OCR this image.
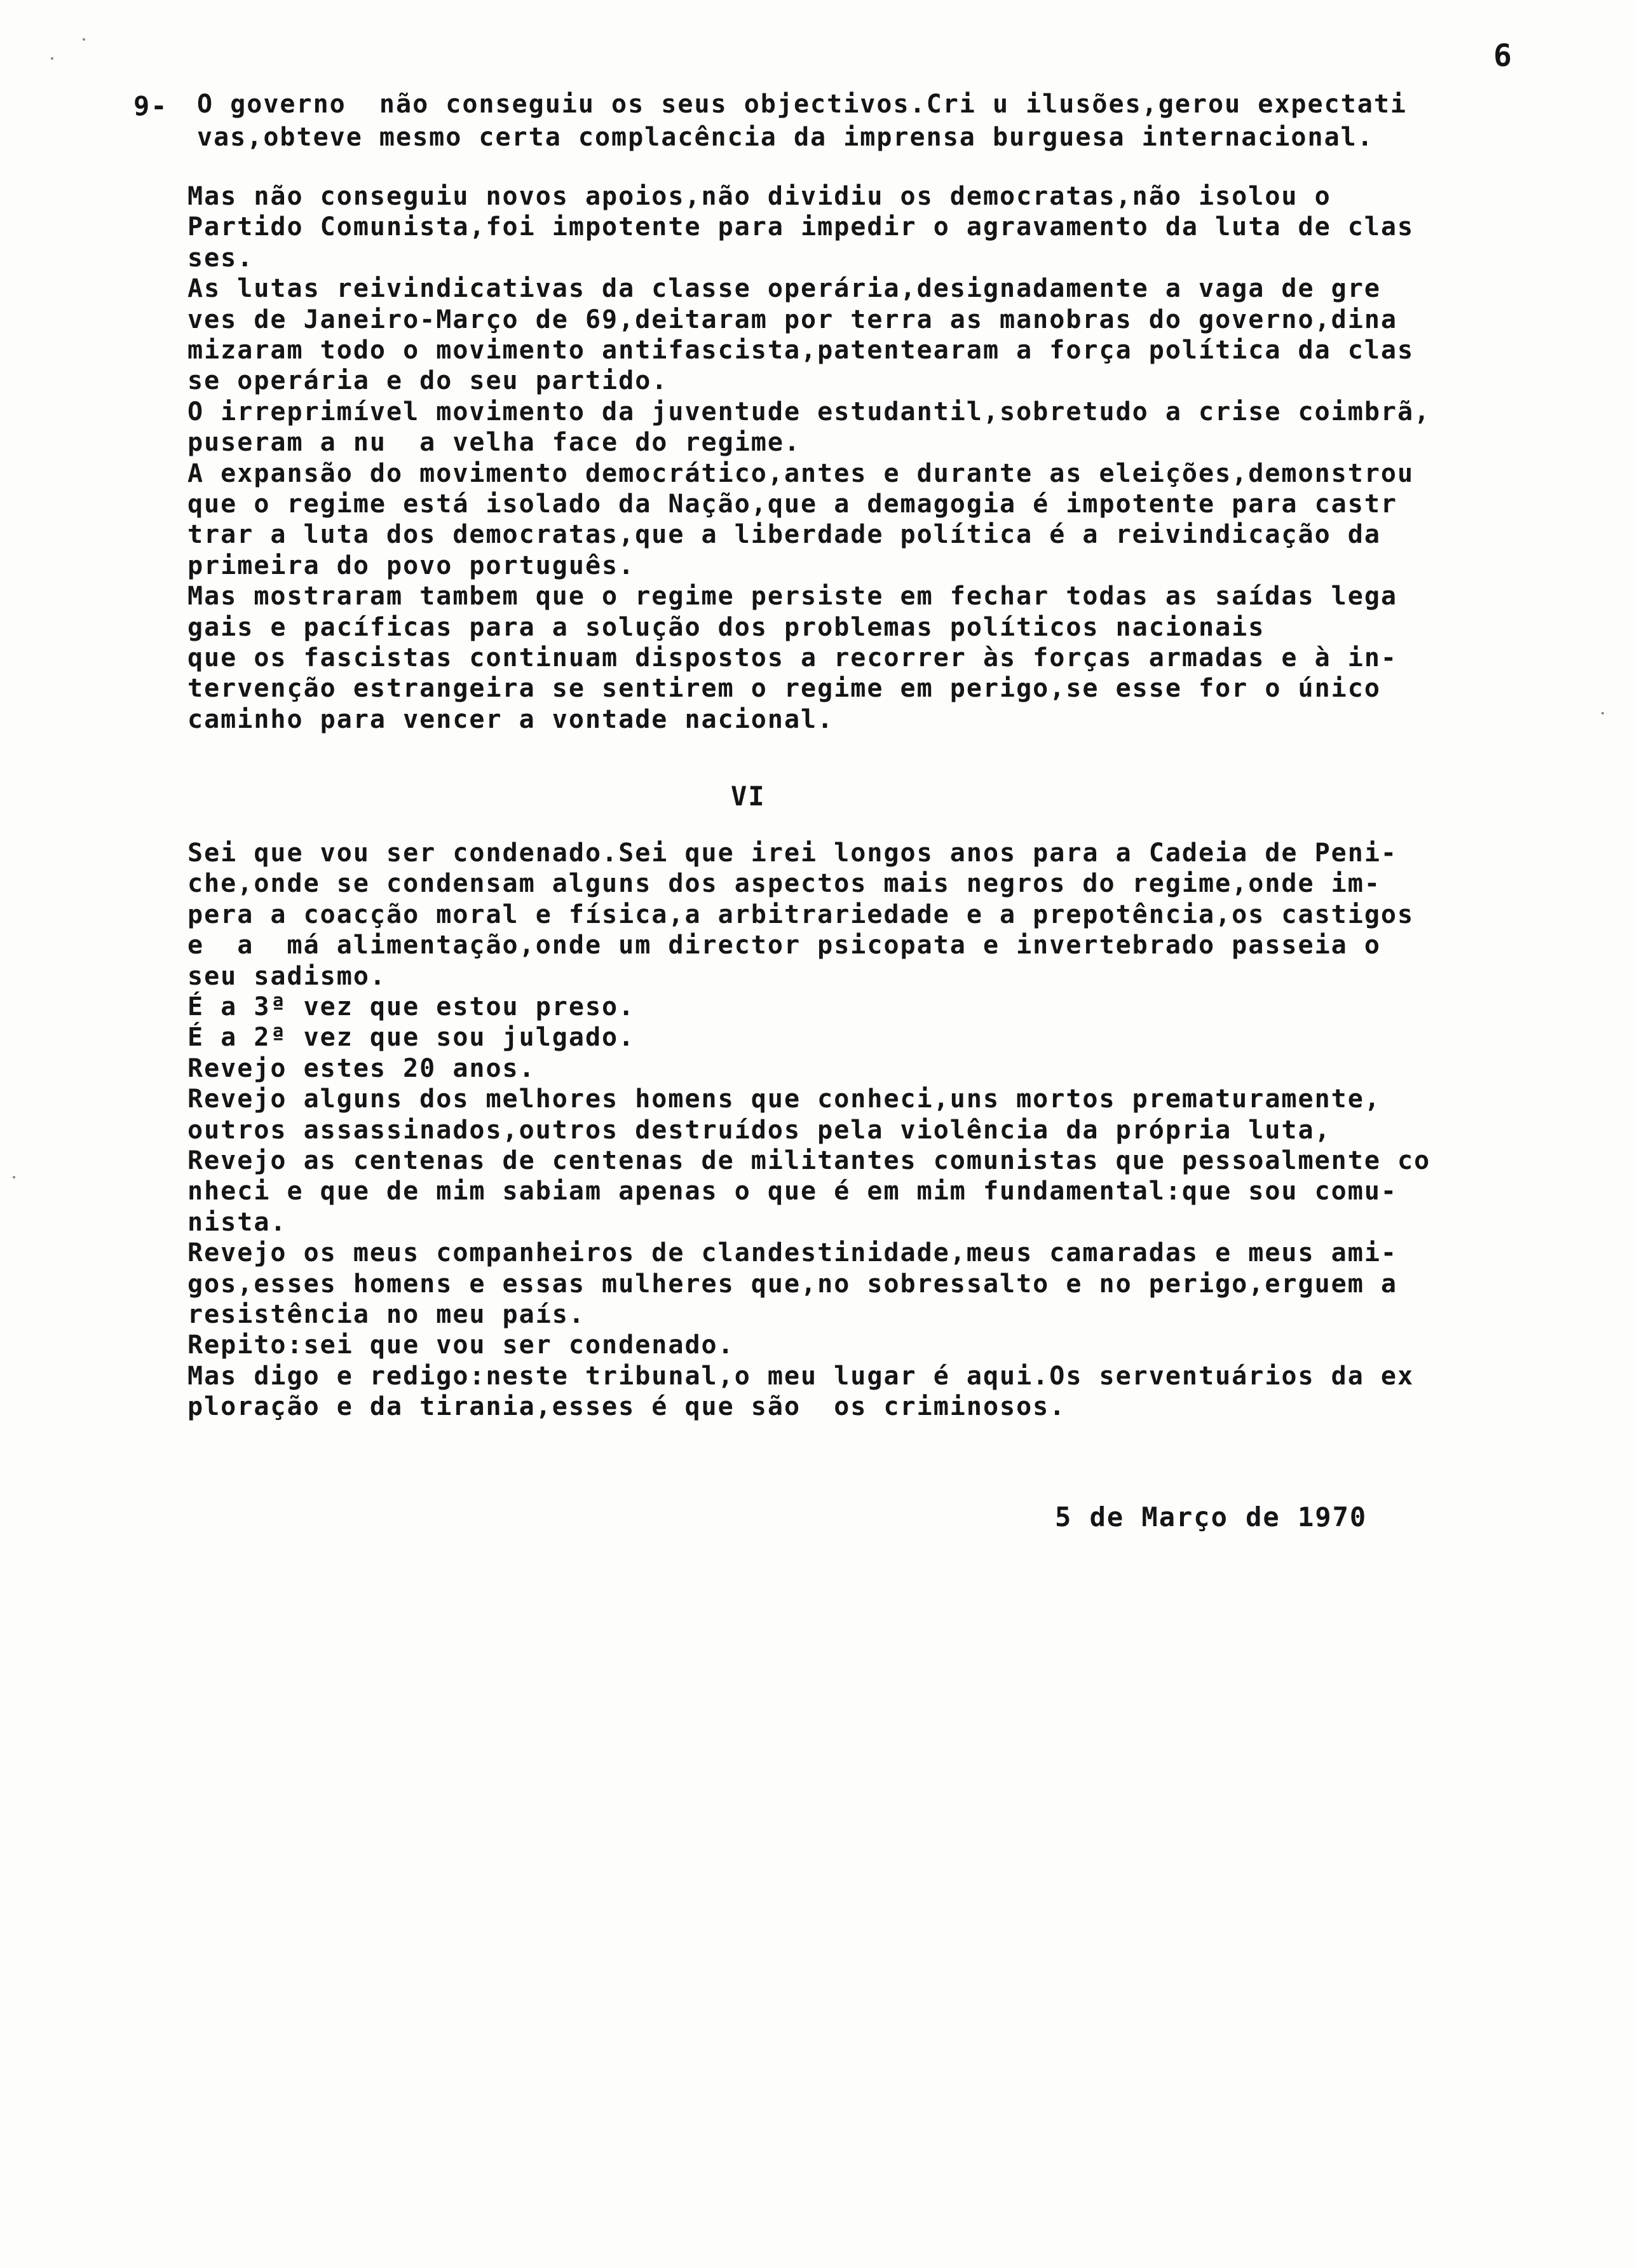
6
9- O governo  não conseguiu os seus objectivos.Cri u ilusões,gerou expectati
vas,obteve mesmo certa complacência da imprensa burguesa internacional.
Mas não conseguiu novos apoios,não dividiu os democratas,não isolou o
Partido Comunista,foi impotente para impedir o agravamento da luta de clas
ses.
As lutas reivindicativas da classe operária,designadamente a vaga de gre
ves de Janeiro-Março de 69,deitaram por terra as manobras do governo,dina
mizaram todo o movimento antifascista,patentearam a força política da clas
se operária e do seu partido.
O irreprimível movimento da juventude estudantil,sobretudo a crise coimbrã,
puseram a nu  a velha face do regime.
A expansão do movimento democrático,antes e durante as eleições,demonstrou
que o regime está isolado da Nação,que a demagogia é impotente para castr
trar a luta dos democratas,que a liberdade política é a reivindicação da
primeira do povo português.
Mas mostraram tambem que o regime persiste em fechar todas as saídas lega
gais e pacíficas para a solução dos problemas políticos nacionais
que os fascistas continuam dispostos a recorrer às forças armadas e à in-
tervenção estrangeira se sentirem o regime em perigo,se esse for o único
caminho para vencer a vontade nacional.
VI
Sei que vou ser condenado.Sei que irei longos anos para a Cadeia de Peni-
che,onde se condensam alguns dos aspectos mais negros do regime,onde im-
pera a coacção moral e física,a arbitrariedade e a prepotência,os castigos
e  a  má alimentação,onde um director psicopata e invertebrado passeia o
seu sadismo.
É a 3ª vez que estou preso.
É a 2ª vez que sou julgado.
Revejo estes 20 anos.
Revejo alguns dos melhores homens que conheci,uns mortos prematuramente,
outros assassinados,outros destruídos pela violência da própria luta,
Revejo as centenas de centenas de militantes comunistas que pessoalmente co
nheci e que de mim sabiam apenas o que é em mim fundamental:que sou comu-
nista.
Revejo os meus companheiros de clandestinidade,meus camaradas e meus ami-
gos,esses homens e essas mulheres que,no sobressalto e no perigo,erguem a
resistência no meu país.
Repito:sei que vou ser condenado.
Mas digo e redigo:neste tribunal,o meu lugar é aqui.Os serventuários da ex
ploração e da tirania,esses é que são  os criminosos.
5 de Março de 1970
